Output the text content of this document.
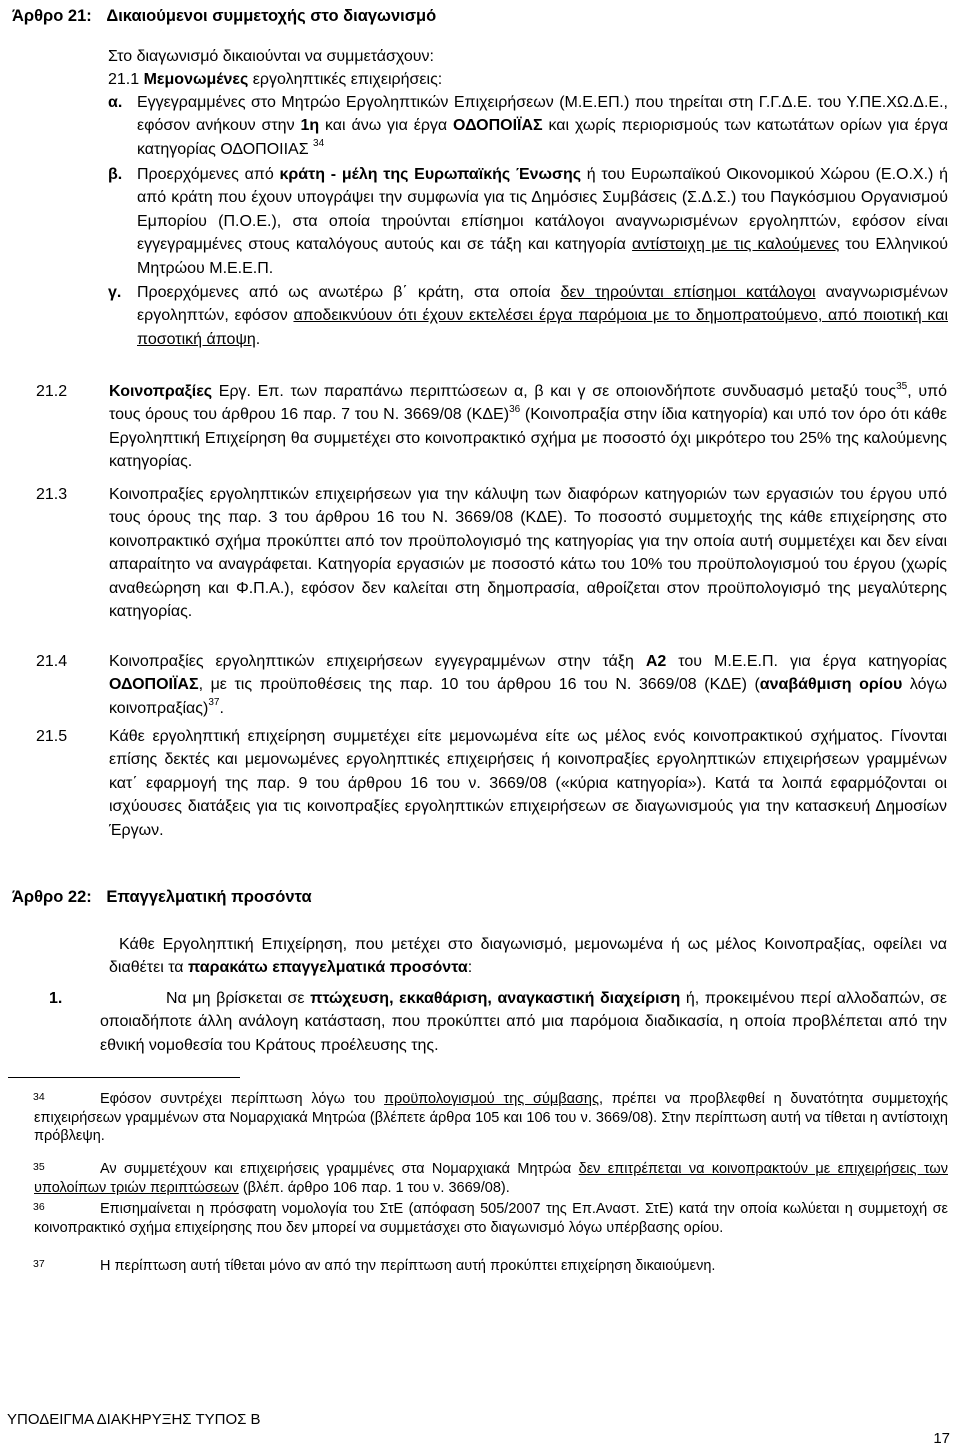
Άρθρο 21: Δικαιούμενοι συμμετοχής στο διαγωνισμό
Στο διαγωνισμό δικαιούνται να συμμετάσχουν:
21.1 Μεμονωμένες εργοληπτικές επιχειρήσεις:
α. Εγγεγραμμένες στο Μητρώο Εργοληπτικών Επιχειρήσεων (Μ.Ε.ΕΠ.) που τηρείται στη Γ.Γ.Δ.Ε. του Υ.ΠΕ.ΧΩ.Δ.Ε., εφόσον ανήκουν στην 1η και άνω για έργα ΟΔΟΠΟΙΪΑΣ και χωρίς περιορισμούς των κατωτάτων ορίων για έργα κατηγορίας ΟΔΟΠΟΙΙΑΣ $^{34}$
β. Προερχόμενες από κράτη - μέλη της Ευρωπαϊκής Ένωσης ή του Ευρωπαϊκού Οικονομικού Χώρου (Ε.Ο.Χ.) ή από κράτη που έχουν υπογράψει την συμφωνία για τις Δημόσιες Συμβάσεις (Σ.Δ.Σ.) του Παγκόσμιου Οργανισμού Εμπορίου (Π.Ο.Ε.), στα οποία τηρούνται επίσημοι κατάλογοι αναγνωρισμένων εργοληπτών, εφόσον είναι εγγεγραμμένες στους καταλόγους αυτούς και σε τάξη και κατηγορία αντίστοιχη με τις καλούμενες του Ελληνικού Μητρώου Μ.Ε.Ε.Π.
γ. Προερχόμενες από ως ανωτέρω β΄ κράτη, στα οποία δεν τηρούνται επίσημοι κατάλογοι αναγνωρισμένων εργοληπτών, εφόσον αποδεικνύουν ότι έχουν εκτελέσει έργα παρόμοια με το δημοπρατούμενο, από ποιοτική και ποσοτική άποψη.
21.2	Κοινοπραξίες Εργ. Επ. των παραπάνω περιπτώσεων α, β και γ σε οποιονδήποτε συνδυασμό μεταξύ τους$^{35}$, υπό τους όρους του άρθρου 16 παρ. 7 του Ν. 3669/08 $(K\Delta E)^{36}$ (Κοινοπραξία στην ίδια κατηγορία) και υπό τον όρο ότι κάθε Εργοληπτική Επιχείρηση θα συμμετέχει στο κοινοπρακτικό σχήμα με ποσοστό όχι μικρότερο του 25% της καλούμενης κατηγορίας.
21.3	Κοινοπραξίες εργοληπτικών επιχειρήσεων για την κάλυψη των διαφόρων κατηγοριών των εργασιών του έργου υπό τους όρους της παρ. 3 του άρθρου 16 του Ν. 3669/08 (ΚΔΕ). Το ποσοστό συμμετοχής της κάθε επιχείρησης στο κοινοπρακτικό σχήμα προκύπτει από τον προϋπολογισμό της κατηγορίας για την οποία αυτή συμμετέχει και δεν είναι απαραίτητο να αναγράφεται. Κατηγορία εργασιών με ποσοστό κάτω του 10% του προϋπολογισμού του έργου (χωρίς αναθεώρηση και Φ.Π.Α.), εφόσον δεν καλείται στη δημοπρασία, αθροίζεται στον προϋπολογισμό της μεγαλύτερης κατηγορίας.
21.4	Κοινοπραξίες εργοληπτικών επιχειρήσεων εγγεγραμμένων στην τάξη Α2 του Μ.Ε.Ε.Π. για έργα κατηγορίας ΟΔΟΠΟΙΪΑΣ, με τις προϋποθέσεις της παρ. 10 του άρθρου 16 του Ν. 3669/08 (ΚΔΕ) (αναβάθμιση ορίου λόγω κοινοπραξίας)$^{37}$.
21.5	Κάθε εργοληπτική επιχείρηση συμμετέχει είτε μεμονωμένα είτε ως μέλος ενός κοινοπρακτικού σχήματος. Γίνονται επίσης δεκτές και μεμονωμένες εργοληπτικές επιχειρήσεις ή κοινοπραξίες εργοληπτικών επιχειρήσεων γραμμένων κατ΄ εφαρμογή της παρ. 9 του άρθρου 16 του ν. 3669/08 («κύρια κατηγορία»). Κατά τα λοιπά εφαρμόζονται οι ισχύουσες διατάξεις για τις κοινοπραξίες εργοληπτικών επιχειρήσεων σε διαγωνισμούς για την κατασκευή Δημοσίων Έργων.
Άρθρο 22: Επαγγελματική προσόντα
Κάθε Εργοληπτική Επιχείρηση, που μετέχει στο διαγωνισμό, μεμονωμένα ή ως μέλος Κοινοπραξίας, οφείλει να διαθέτει τα παρακάτω επαγγελματικά προσόντα:
1.	Να μη βρίσκεται σε πτώχευση, εκκαθάριση, αναγκαστική διαχείριση ή, προκειμένου περί αλλοδαπών, σε οποιαδήποτε άλλη ανάλογη κατάσταση, που προκύπτει από μια παρόμοια διαδικασία, η οποία προβλέπεται από την εθνική νομοθεσία του Κράτους προέλευσης της.
34	Εφόσον συντρέχει περίπτωση λόγω του προϋπολογισμού της σύμβασης, πρέπει να προβλεφθεί η δυνατότητα συμμετοχής επιχειρήσεων γραμμένων στα Νομαρχιακά Μητρώα (βλέπετε άρθρα 105 και 106 του ν. 3669/08). Στην περίπτωση αυτή να τίθεται η αντίστοιχη πρόβλεψη.
35	Αν συμμετέχουν και επιχειρήσεις γραμμένες στα Νομαρχιακά Μητρώα δεν επιτρέπεται να κοινοπρακτούν με επιχειρήσεις των υπολοίπων τριών περιπτώσεων (βλέπ. άρθρο 106 παρ. 1 του ν. 3669/08).
36	Επισημαίνεται η πρόσφατη νομολογία του ΣτΕ (απόφαση 505/2007 της Επ.Αναστ. ΣτΕ) κατά την οποία κωλύεται η συμμετοχή σε κοινοπρακτικό σχήμα επιχείρησης που δεν μπορεί να συμμετάσχει στο διαγωνισμό λόγω υπέρβασης ορίου.
37	Η περίπτωση αυτή τίθεται μόνο αν από την περίπτωση αυτή προκύπτει επιχείρηση δικαιούμενη.
ΥΠΟΔΕΙΓΜΑ ΔΙΑΚΗΡΥΞΗΣ ΤΥΠΟΣ Β
17
